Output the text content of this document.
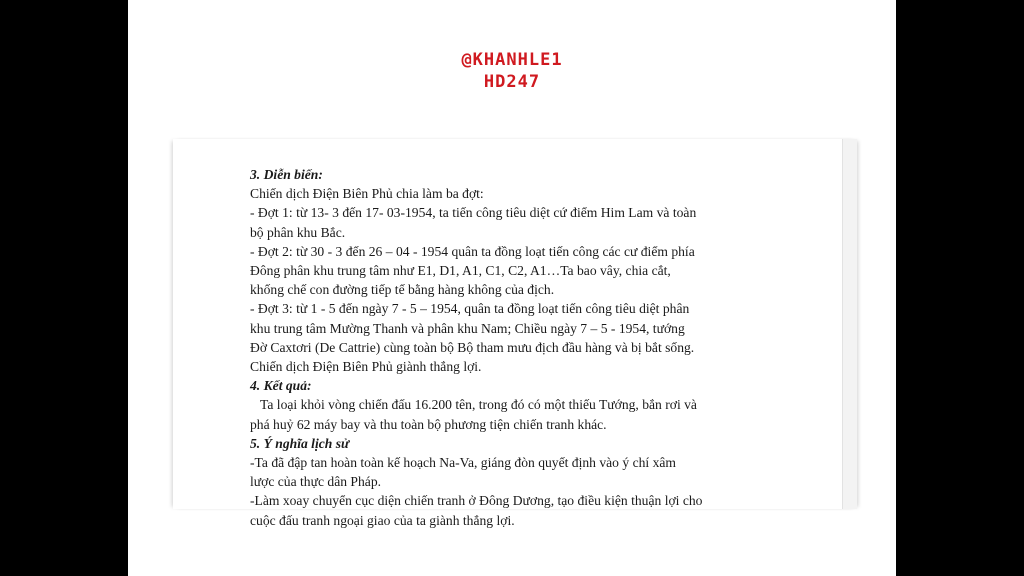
@KHANHLE1
HD247
3. Diễn biến:
Chiến dịch Điện Biên Phủ chia làm ba đợt:
- Đợt 1: từ 13- 3 đến 17- 03-1954, ta tiến công tiêu diệt cứ điểm Him Lam và toàn
bộ phân khu Bắc.
- Đợt 2: từ 30 - 3 đến 26 – 04 - 1954 quân ta đồng loạt tiến công các cư điểm phía
Đông phân khu trung tâm như E1, D1, A1, C1, C2, A1…Ta bao vây, chia cắt,
khống chế con đường tiếp tế bằng hàng không của địch.
- Đợt 3: từ 1 - 5 đến ngày 7 - 5 – 1954, quân ta đồng loạt tiến công tiêu diệt phân
khu trung tâm Mường Thanh và phân khu Nam; Chiều ngày 7 – 5 - 1954, tướng
Đờ Caxtơri (De Cattrie) cùng toàn bộ Bộ tham mưu địch đầu hàng và bị bắt sống.
Chiến dịch Điện Biên Phủ giành thắng lợi.
4. Kết quả:
Ta loại khỏi vòng chiến đấu 16.200 tên, trong đó có một thiếu Tướng, bắn rơi và
phá huỷ 62 máy bay và thu toàn bộ phương tiện chiến tranh khác.
5. Ý nghĩa lịch sử
-Ta đã đập tan hoàn toàn kế hoạch Na-Va, giáng đòn quyết định vào ý chí xâm
lược của thực dân Pháp.
-Làm xoay chuyển cục diện chiến tranh ở Đông Dương, tạo điều kiện thuận lợi cho
cuộc đấu tranh ngoại giao của ta giành thắng lợi.
